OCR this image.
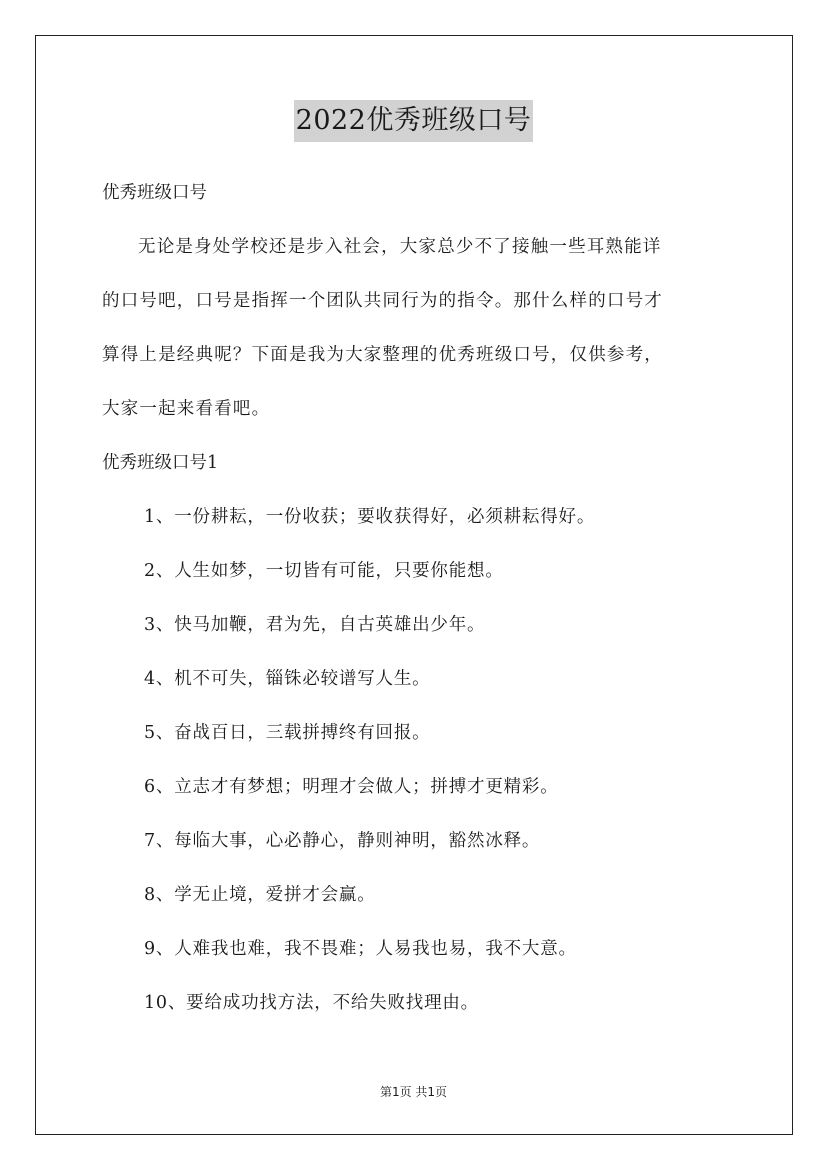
2022优秀班级口号

优秀班级口号

无论是身处学校还是步入社会，大家总少不了接触一些耳熟能详

的口号吧，口号是指挥一个团队共同行为的指令。那什么样的口号才

算得上是经典呢？下面是我为大家整理的优秀班级口号，仅供参考，

大家一起来看看吧。

优秀班级口号1

1、一份耕耘，一份收获；要收获得好，必须耕耘得好。

2、人生如梦，一切皆有可能，只要你能想。

3、快马加鞭，君为先，自古英雄出少年。

4、机不可失，锱铢必较谱写人生。

5、奋战百日，三载拼搏终有回报。

6、立志才有梦想；明理才会做人；拼搏才更精彩。

7、每临大事，心必静心，静则神明，豁然冰释。

8、学无止境，爱拼才会赢。

9、人难我也难，我不畏难；人易我也易，我不大意。

10、要给成功找方法，不给失败找理由。

第1页 共1页
